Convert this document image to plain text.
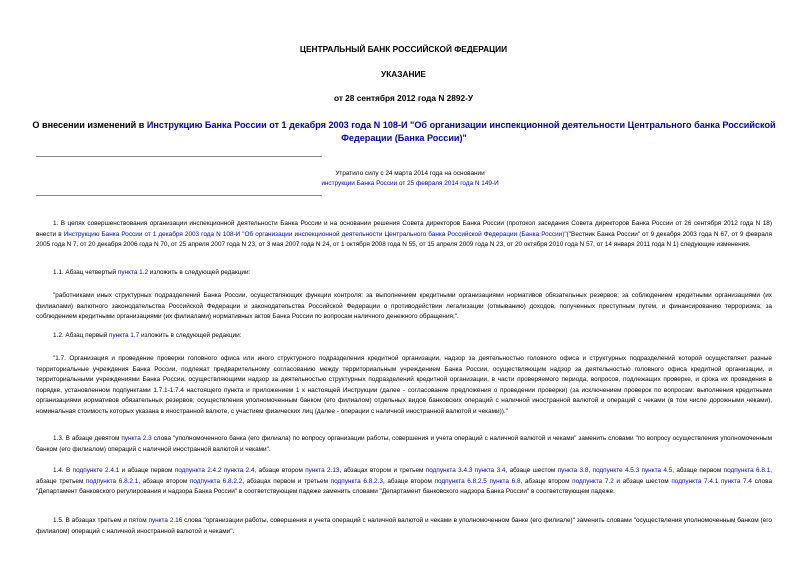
ЦЕНТРАЛЬНЫЙ БАНК РОССИЙСКОЙ ФЕДЕРАЦИИ
УКАЗАНИЕ
от 28 сентября 2012 года N 2892-У
О внесении изменений в Инструкцию Банка России от 1 декабря 2003 года N 108-И "Об организации инспекционной деятельности Центрального банка Российской Федерации (Банка России)"
Утратило силу с 24 марта 2014 года на основании
инструкции Банка России от 25 февраля 2014 года N 149-И
1. В целях совершенствования организации инспекционной деятельности Банка России и на основании решения Совета директоров Банка России (протокол заседания Совета директоров Банка России от 26 сентября 2012 года N 18) внести в Инструкцию Банка России от 1 декабря 2003 года N 108-И "Об организации инспекционной деятельности Центрального банка Российской Федерации (Банка России)"("Вестник Банка России" от 9 декабря 2003 года N 67, от 9 февраля 2005 года N 7, от 20 декабря 2006 года N 70, от 25 апреля 2007 года N 23, от 3 мая 2007 года N 24, от 1 октября 2008 года N 55, от 15 апреля 2009 года N 23, от 20 октября 2010 года N 57, от 14 января 2011 года N 1) следующие изменения.
1.1. Абзац четвертый пункта 1.2 изложить в следующей редакции:
"работниками иных структурных подразделений Банка России, осуществляющих функции контроля: за выполнением кредитными организациями нормативов обязательных резервов; за соблюдением кредитными организациями (их филиалами) валютного законодательства Российской Федерации и законодательства Российской Федерации о противодействии легализации (отмыванию) доходов, полученных преступным путем, и финансированию терроризма; за соблюдением кредитными организациями (их филиалами) нормативных актов Банка России по вопросам наличного денежного обращения;".
1.2. Абзац первый пункта 1.7 изложить в следующей редакции:
"1.7. Организация и проведение проверки головного офиса или иного структурного подразделения кредитной организации, надзор за деятельностью головного офиса и структурных подразделений которой осуществляет разные территориальные учреждения Банка России, подлежат предварительному согласованию между территориальным учреждением Банка России, осуществляющим надзор за деятельностью головного офиса кредитной организации, и территориальными учреждениями Банка России, осуществляющими надзор за деятельностью структурных подразделений кредитной организации, в части проверяемого периода, вопросов, подлежащих проверке, и срока их проведения в порядке, установленном подпунктами 1.7.1-1.7.4 настоящего пункта и приложением 1 к настоящей Инструкции (далее - согласование предложения о проведении проверки) (за исключением проверок по вопросам: выполнения кредитными организациями нормативов обязательных резервов; осуществления уполномоченным банком (его филиалом) отдельных видов банковских операций с наличной иностранной валютой и операций с чеками (в том числе дорожными чеками), номинальная стоимость которых указана в иностранной валюте, с участием физических лиц (далее - операции с наличной иностранной валютой и чеками))."
1.3. В абзаце девятом пункта 2.3 слова "уполномоченного банка (его филиала) по вопросу организации работы, совершения и учета операций с наличной валютой и чеками" заменить словами "по вопросу осуществления уполномоченным банком (его филиалом) операций с наличной иностранной валютой и чеками".
1.4. В подпункте 2.4.1 и абзаце первом подпункта 2.4.2 пункта 2.4, абзаце втором пункта 2.13, абзацах втором и третьем подпункта 3.4.3 пункта 3.4, абзаце шестом пункта 3.8, подпункте 4.5.3 пункта 4.5, абзаце первом подпункта 6.8.1, абзаце третьем подпункта 6.8.2.1, абзаце втором подпункта 6.8.2.2, абзацах первом и третьем подпункта 6.8.2.3, абзаце втором подпункта 6.8.2.5 пункта 6.8, абзаце втором подпункта 7.2 и абзаце шестом подпункта 7.4.1 пункта 7.4 слова "Департамент банковского регулирования и надзора Банка России" в соответствующем падеже заменить словами "Департамент банковского надзора Банка России" в соответствующем падеже.
1.5. В абзацах третьем и пятом пункта 2.16 слова "организации работы, совершения и учета операций с наличной валютой и чеками в уполномоченном банке (его филиале)" заменить словами "осуществления уполномоченным банком (его филиалом) операций с наличной иностранной валютой и чеками".
